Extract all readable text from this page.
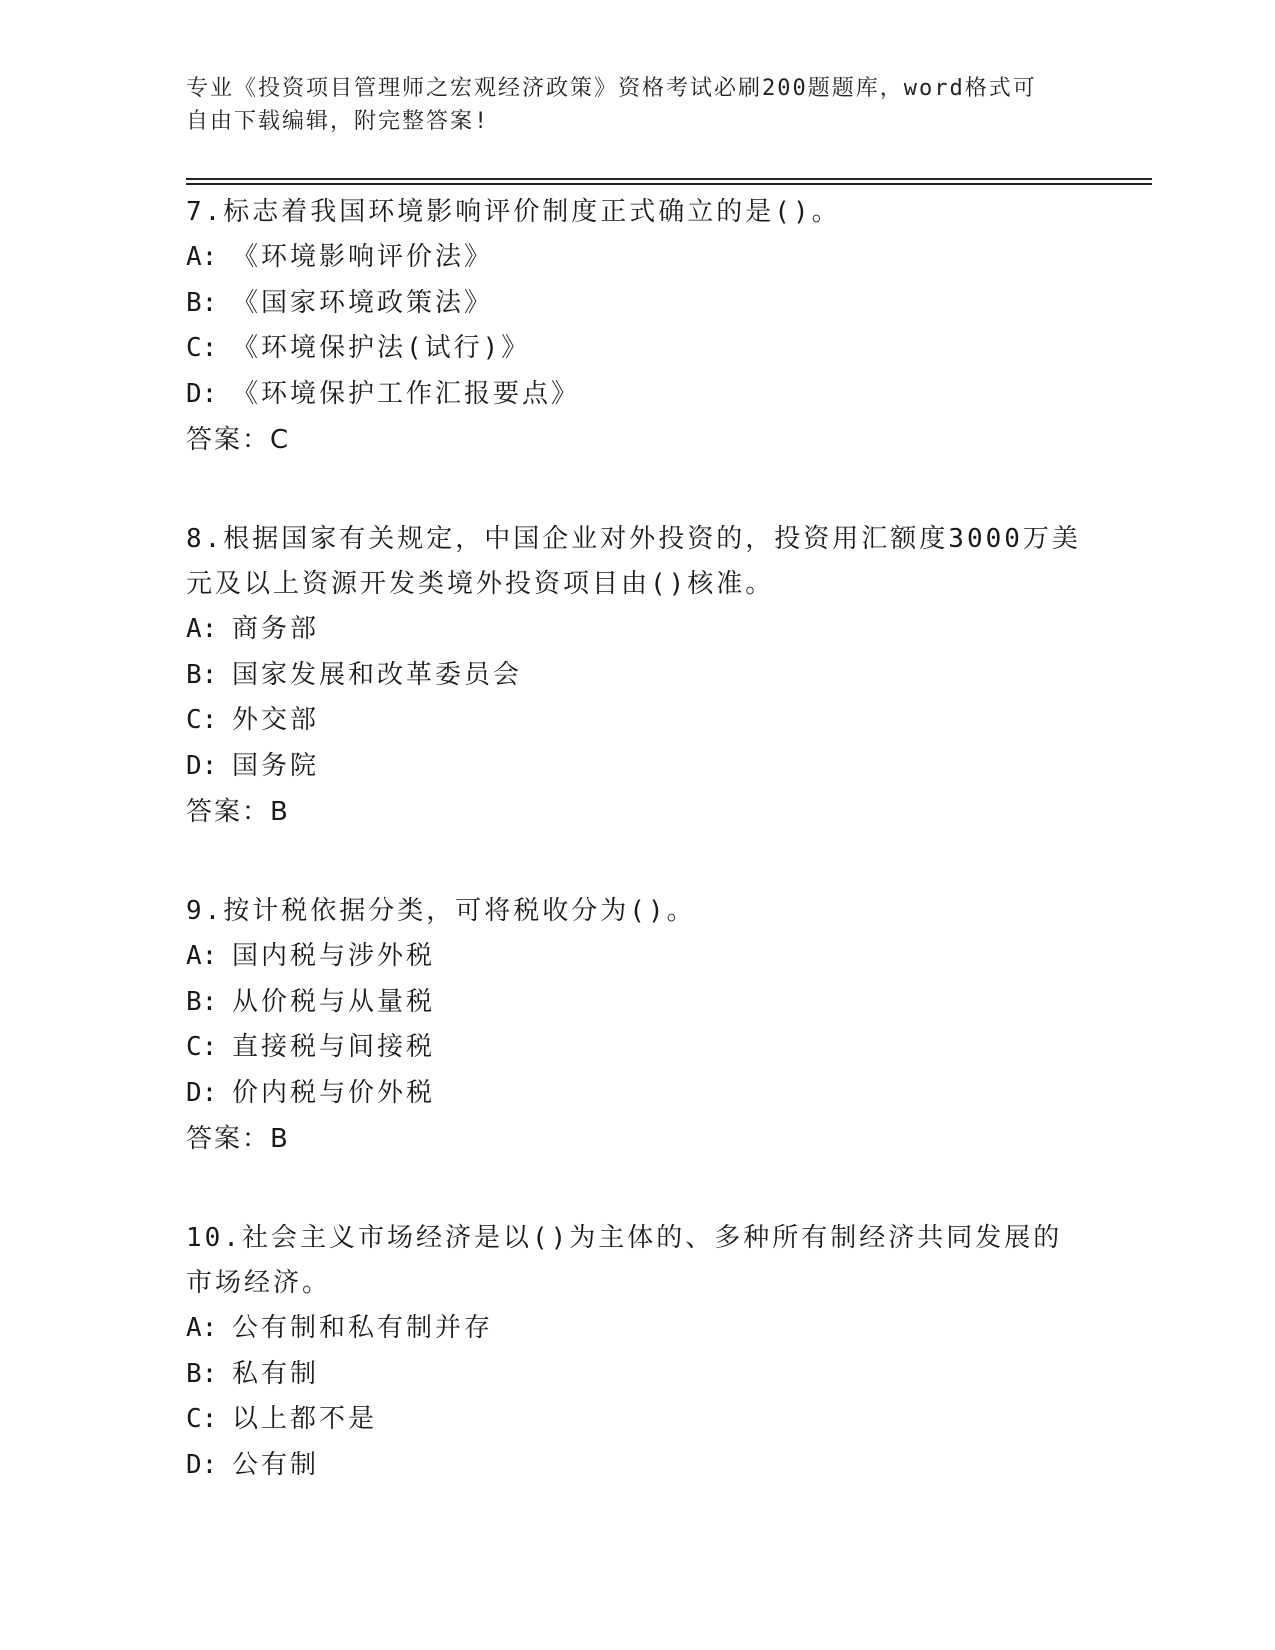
专业《投资项目管理师之宏观经济政策》资格考试必刷200题题库，word格式可
自由下载编辑，附完整答案!

7.标志着我国环境影响评价制度正式确立的是()。

A: 《环境影响评价法》

B: 《国家环境政策法》

C: 《环境保护法(试行)》

D: 《环境保护工作汇报要点》

答案：C

8.根据国家有关规定，中国企业对外投资的，投资用汇额度3000万美元及以上资源开发类境外投资项目由()核准。

A: 商务部

B: 国家发展和改革委员会

C: 外交部

D: 国务院

答案：B

9.按计税依据分类，可将税收分为()。

A: 国内税与涉外税

B: 从价税与从量税

C: 直接税与间接税

D: 价内税与价外税

答案：B

10.社会主义市场经济是以()为主体的、多种所有制经济共同发展的市场经济。

A: 公有制和私有制并存

B: 私有制

C: 以上都不是

D: 公有制
